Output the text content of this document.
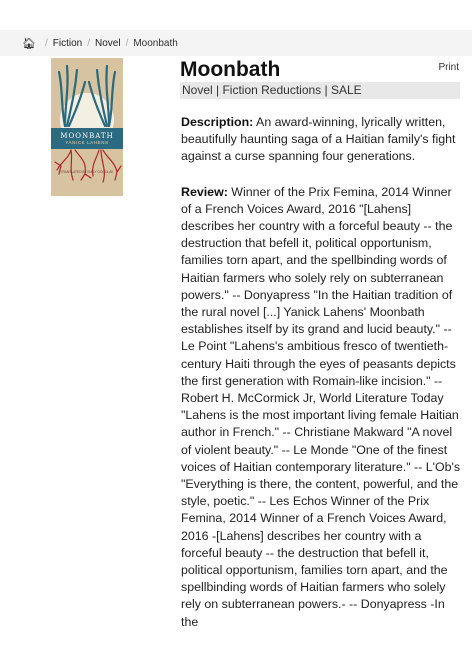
🏠︎ / Fiction / Novel / Moonbath
MOONBATH
YANICK LAHENS
TRANSLATED BY EMILY GOGOLAK
Moonbath	Print
Novel | Fiction Reductions | SALE

Description: An award-winning, lyrically written, beautifully haunting saga of a Haitian family's fight against a curse spanning four generations.

Review: Winner of the Prix Femina, 2014 Winner of a French Voices Award, 2016 "[Lahens] describes her country with a forceful beauty -- the destruction that befell it, political opportunism, families torn apart, and the spellbinding words of Haitian farmers who solely rely on subterranean powers." -- Donyapress "In the Haitian tradition of the rural novel [...] Yanick Lahens' Moonbath establishes itself by its grand and lucid beauty." -- Le Point "Lahens's ambitious fresco of twentieth-century Haiti through the eyes of peasants depicts the first generation with Romain-like incision." -- Robert H. McCormick Jr, World Literature Today "Lahens is the most important living female Haitian author in French." -- Christiane Makward "A novel of violent beauty." -- Le Monde "One of the finest voices of Haitian contemporary literature." -- L'Ob's "Everything is there, the content, powerful, and the style, poetic." -- Les Echos Winner of the Prix Femina, 2014 Winner of a French Voices Award, 2016 -[Lahens] describes her country with a forceful beauty -- the destruction that befell it, political opportunism, families torn apart, and the spellbinding words of Haitian farmers who solely rely on subterranean powers.- -- Donyapress -In the
